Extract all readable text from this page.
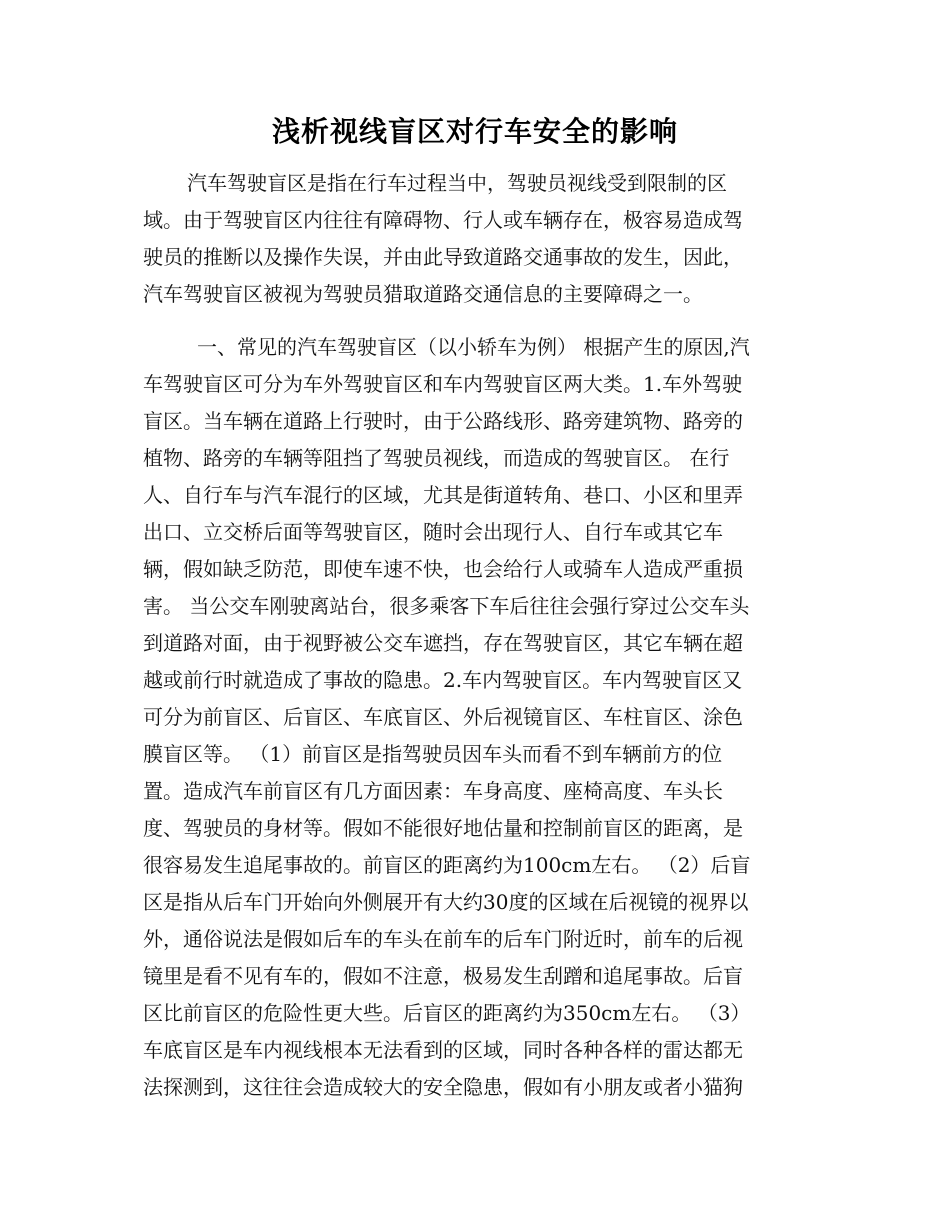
浅析视线盲区对行车安全的影响
汽车驾驶盲区是指在行车过程当中，驾驶员视线受到限制的区
域。由于驾驶盲区内往往有障碍物、行人或车辆存在，极容易造成驾
驶员的推断以及操作失误，并由此导致道路交通事故的发生，因此，
汽车驾驶盲区被视为驾驶员猎取道路交通信息的主要障碍之一。
一、常见的汽车驾驶盲区（以小轿车为例） 根据产生的原因,汽
车驾驶盲区可分为车外驾驶盲区和车内驾驶盲区两大类。1.车外驾驶
盲区。当车辆在道路上行驶时，由于公路线形、路旁建筑物、路旁的
植物、路旁的车辆等阻挡了驾驶员视线，而造成的驾驶盲区。 在行
人、自行车与汽车混行的区域，尤其是街道转角、巷口、小区和里弄
出口、立交桥后面等驾驶盲区，随时会出现行人、自行车或其它车
辆，假如缺乏防范，即使车速不快，也会给行人或骑车人造成严重损
害。 当公交车刚驶离站台，很多乘客下车后往往会强行穿过公交车头
到道路对面，由于视野被公交车遮挡，存在驾驶盲区，其它车辆在超
越或前行时就造成了事故的隐患。2.车内驾驶盲区。车内驾驶盲区又
可分为前盲区、后盲区、车底盲区、外后视镜盲区、车柱盲区、涂色
膜盲区等。 （1）前盲区是指驾驶员因车头而看不到车辆前方的位
置。造成汽车前盲区有几方面因素：车身高度、座椅高度、车头长
度、驾驶员的身材等。假如不能很好地估量和控制前盲区的距离，是
很容易发生追尾事故的。前盲区的距离约为100cm左右。 （2）后盲
区是指从后车门开始向外侧展开有大约30度的区域在后视镜的视界以
外，通俗说法是假如后车的车头在前车的后车门附近时，前车的后视
镜里是看不见有车的，假如不注意，极易发生刮蹭和追尾事故。后盲
区比前盲区的危险性更大些。后盲区的距离约为350cm左右。 （3）
车底盲区是车内视线根本无法看到的区域，同时各种各样的雷达都无
法探测到，这往往会造成较大的安全隐患，假如有小朋友或者小猫狗
